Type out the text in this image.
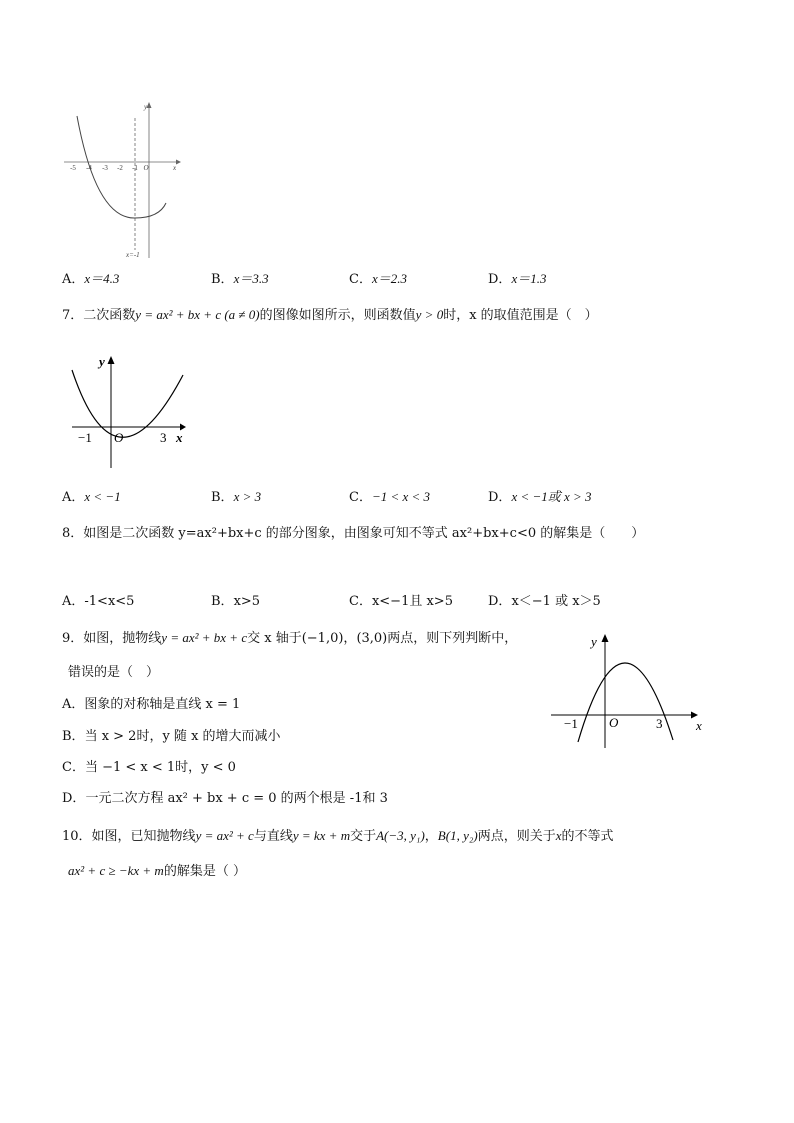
-5 -4 -3 -2 -1 O	x
y
x=-1
A．x＝4.3	B．x＝3.3	C．x＝2.3	D．x＝1.3
7．二次函数y = ax² + bx + c (a ≠ 0)的图像如图所示，则函数值y > 0时，x 的取值范围是（　）
y
−1 O	3 x
A．x < −1	B．x > 3	C．−1 < x < 3	D．x < −1或 x > 3
8．如图是二次函数 y=ax²+bx+c 的部分图象，由图象可知不等式 ax²+bx+c<0 的解集是（　　）
A．-1<x<5	B．x>5	C．x<−1且 x>5	D．x＜−1 或 x＞5
9．如图，抛物线y = ax² + bx + c交 x 轴于(−1,0)，(3,0)两点，则下列判断中，
错误的是（　）
y
−1 O	3	x
A．图象的对称轴是直线 x = 1
B．当 x > 2时，y 随 x 的增大而减小
C．当 −1 < x < 1时，y < 0
D．一元二次方程 ax² + bx + c = 0 的两个根是 -1和 3
10．如图，已知抛物线y = ax² + c与直线y = kx + m交于A(−3, y₁)，B(1, y₂)两点，则关于x的不等式
ax² + c ≥ −kx + m的解集是（ ）
